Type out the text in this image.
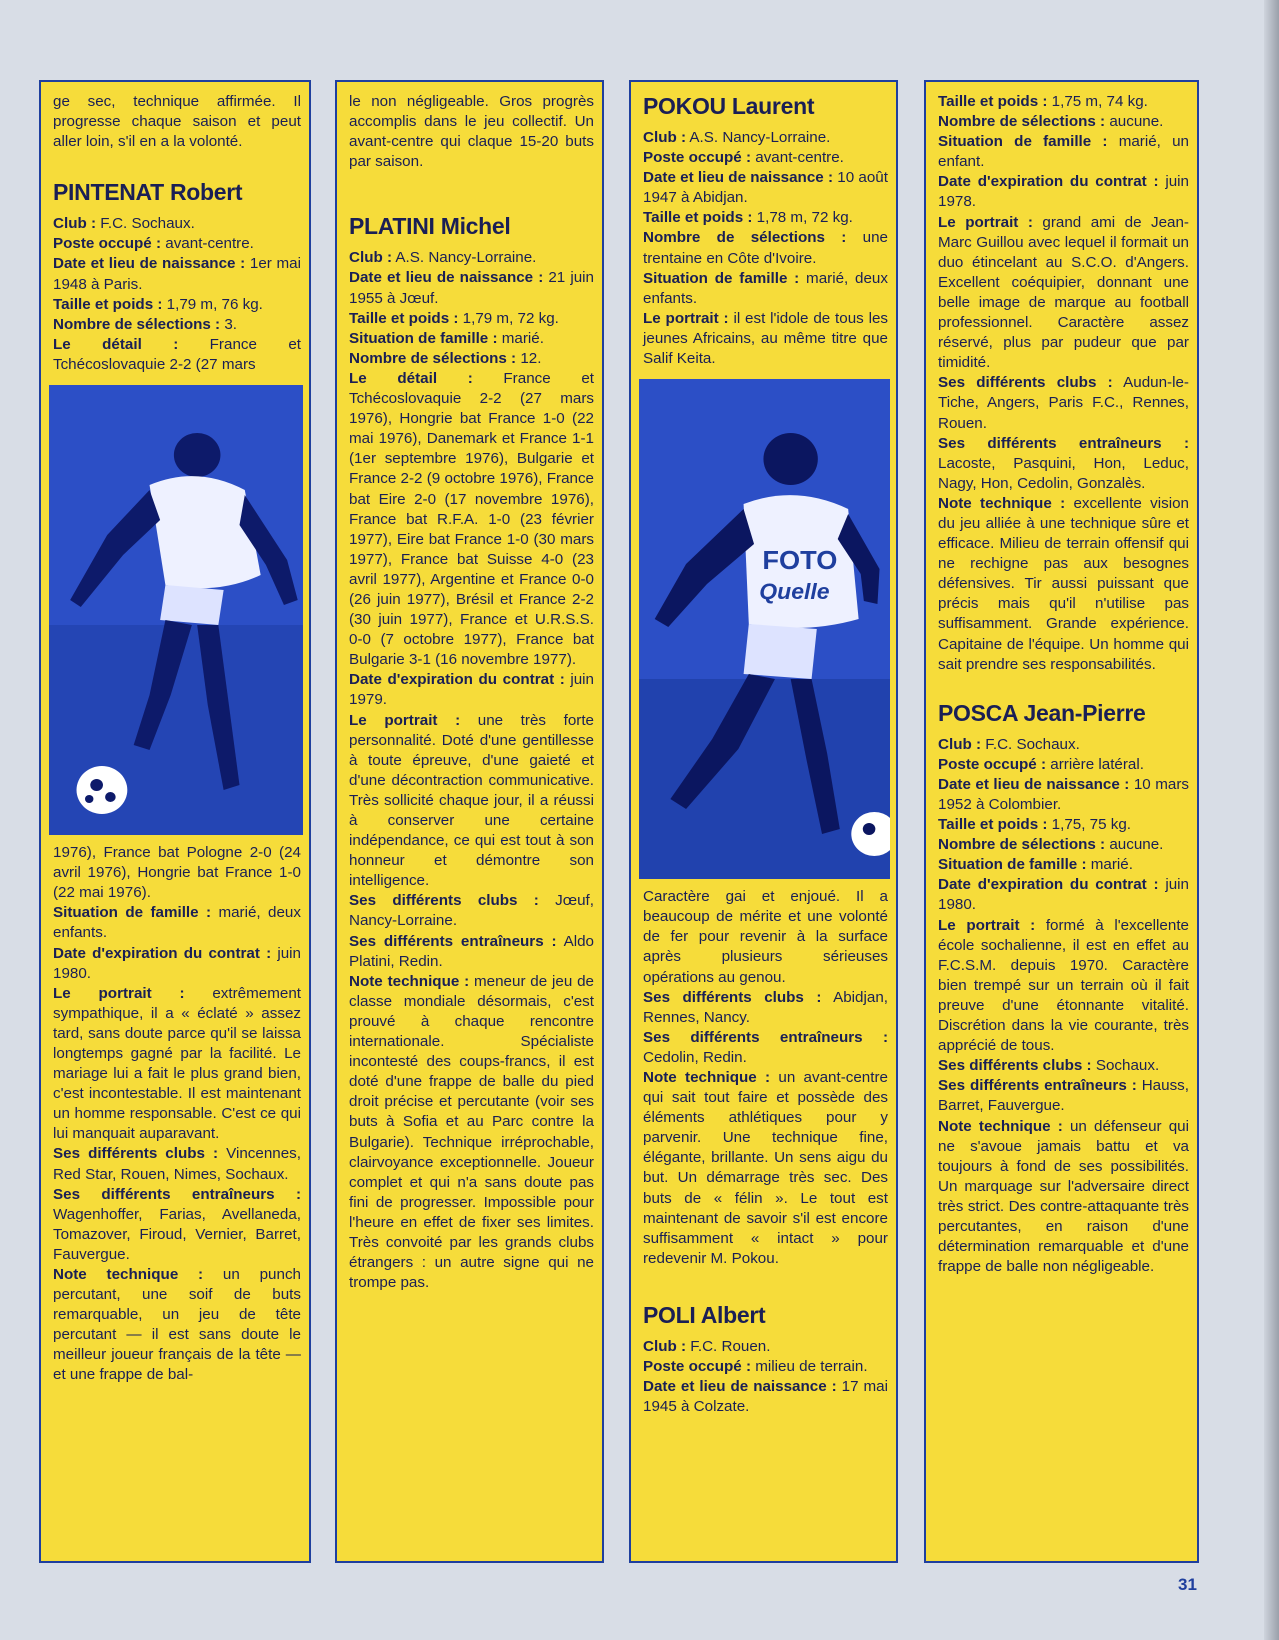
ge sec, technique affirmée. Il progresse chaque saison et peut aller loin, s'il en a la volonté.

PINTENAT Robert

Club : F.C. Sochaux.

Poste occupé : avant-centre.

Date et lieu de naissance : 1er mai 1948 à Paris.

Taille et poids : 1,79 m, 76 kg.

Nombre de sélections : 3.

Le détail : France et Tchécoslovaquie 2-2 (27 mars

1976), France bat Pologne 2-0 (24 avril 1976), Hongrie bat France 1-0 (22 mai 1976).

Situation de famille : marié, deux enfants.

Date d'expiration du contrat : juin 1980.

Le portrait : extrêmement sympathique, il a « éclaté » assez tard, sans doute parce qu'il se laissa longtemps gagné par la facilité. Le mariage lui a fait le plus grand bien, c'est incontestable. Il est maintenant un homme responsable. C'est ce qui lui manquait auparavant.

Ses différents clubs : Vincennes, Red Star, Rouen, Nimes, Sochaux.

Ses différents entraîneurs : Wagenhoffer, Farias, Avellaneda, Tomazover, Firoud, Vernier, Barret, Fauvergue.

Note technique : un punch percutant, une soif de buts remarquable, un jeu de tête percutant — il est sans doute le meilleur joueur français de la tête — et une frappe de bal-

le non négligeable. Gros progrès accomplis dans le jeu collectif. Un avant-centre qui claque 15-20 buts par saison.

PLATINI Michel

Club : A.S. Nancy-Lorraine.

Date et lieu de naissance : 21 juin 1955 à Jœuf.

Taille et poids : 1,79 m, 72 kg.

Situation de famille : marié.

Nombre de sélections : 12.

Le détail : France et Tchécoslovaquie 2-2 (27 mars 1976), Hongrie bat France 1-0 (22 mai 1976), Danemark et France 1-1 (1er septembre 1976), Bulgarie et France 2-2 (9 octobre 1976), France bat Eire 2-0 (17 novembre 1976), France bat R.F.A. 1-0 (23 février 1977), Eire bat France 1-0 (30 mars 1977), France bat Suisse 4-0 (23 avril 1977), Argentine et France 0-0 (26 juin 1977), Brésil et France 2-2 (30 juin 1977), France et U.R.S.S. 0-0 (7 octobre 1977), France bat Bulgarie 3-1 (16 novembre 1977).

Date d'expiration du contrat : juin 1979.

Le portrait : une très forte personnalité. Doté d'une gentillesse à toute épreuve, d'une gaieté et d'une décontraction communicative. Très sollicité chaque jour, il a réussi à conserver une certaine indépendance, ce qui est tout à son honneur et démontre son intelligence.

Ses différents clubs : Jœuf, Nancy-Lorraine.

Ses différents entraîneurs : Aldo Platini, Redin.

Note technique : meneur de jeu de classe mondiale désormais, c'est prouvé à chaque rencontre internationale. Spécialiste incontesté des coups-francs, il est doté d'une frappe de balle du pied droit précise et percutante (voir ses buts à Sofia et au Parc contre la Bulgarie). Technique irréprochable, clairvoyance exceptionnelle. Joueur complet et qui n'a sans doute pas fini de progresser. Impossible pour l'heure en effet de fixer ses limites. Très convoité par les grands clubs étrangers : un autre signe qui ne trompe pas.

POKOU Laurent

Club : A.S. Nancy-Lorraine.

Poste occupé : avant-centre.

Date et lieu de naissance : 10 août 1947 à Abidjan.

Taille et poids : 1,78 m, 72 kg.

Nombre de sélections : une trentaine en Côte d'Ivoire.

Situation de famille : marié, deux enfants.

Le portrait : il est l'idole de tous les jeunes Africains, au même titre que Salif Keita.

FOTO
Quelle

Caractère gai et enjoué. Il a beaucoup de mérite et une volonté de fer pour revenir à la surface après plusieurs sérieuses opérations au genou.

Ses différents clubs : Abidjan, Rennes, Nancy.

Ses différents entraîneurs : Cedolin, Redin.

Note technique : un avant-centre qui sait tout faire et possède des éléments athlétiques pour y parvenir. Une technique fine, élégante, brillante. Un sens aigu du but. Un démarrage très sec. Des buts de « félin ». Le tout est maintenant de savoir s'il est encore suffisamment « intact » pour redevenir M. Pokou.

POLI Albert

Club : F.C. Rouen.

Poste occupé : milieu de terrain.

Date et lieu de naissance : 17 mai 1945 à Colzate.

Taille et poids : 1,75 m, 74 kg.

Nombre de sélections : aucune.

Situation de famille : marié, un enfant.

Date d'expiration du contrat : juin 1978.

Le portrait : grand ami de Jean-Marc Guillou avec lequel il formait un duo étincelant au S.C.O. d'Angers. Excellent coéquipier, donnant une belle image de marque au football professionnel. Caractère assez réservé, plus par pudeur que par timidité.

Ses différents clubs : Audun-le-Tiche, Angers, Paris F.C., Rennes, Rouen.

Ses différents entraîneurs : Lacoste, Pasquini, Hon, Leduc, Nagy, Hon, Cedolin, Gonzalès.

Note technique : excellente vision du jeu alliée à une technique sûre et efficace. Milieu de terrain offensif qui ne rechigne pas aux besognes défensives. Tir aussi puissant que précis mais qu'il n'utilise pas suffisamment. Grande expérience. Capitaine de l'équipe. Un homme qui sait prendre ses responsabilités.

POSCA Jean-Pierre

Club : F.C. Sochaux.

Poste occupé : arrière latéral.

Date et lieu de naissance : 10 mars 1952 à Colombier.

Taille et poids : 1,75, 75 kg.

Nombre de sélections : aucune.

Situation de famille : marié.

Date d'expiration du contrat : juin 1980.

Le portrait : formé à l'excellente école sochalienne, il est en effet au F.C.S.M. depuis 1970. Caractère bien trempé sur un terrain où il fait preuve d'une étonnante vitalité. Discrétion dans la vie courante, très apprécié de tous.

Ses différents clubs : Sochaux.

Ses différents entraîneurs : Hauss, Barret, Fauvergue.

Note technique : un défenseur qui ne s'avoue jamais battu et va toujours à fond de ses possibilités. Un marquage sur l'adversaire direct très strict. Des contre-attaquante très percutantes, en raison d'une détermination remarquable et d'une frappe de balle non négligeable.

31
